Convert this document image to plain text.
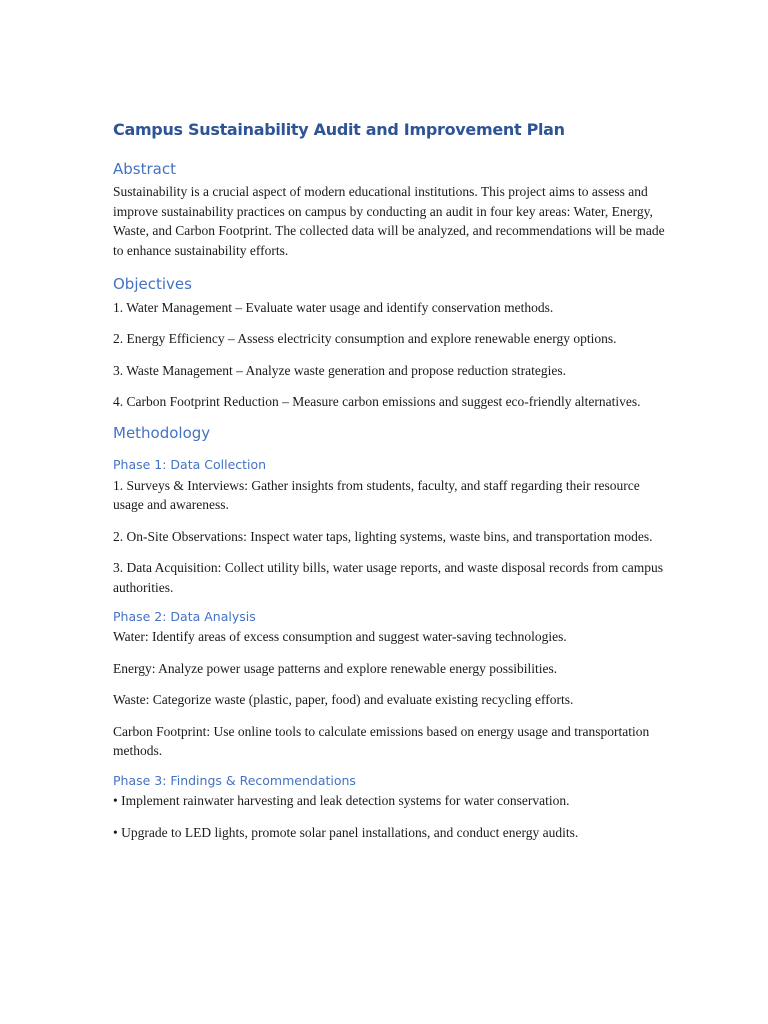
Campus Sustainability Audit and Improvement Plan
Abstract

Sustainability is a crucial aspect of modern educational institutions. This project aims to assess and improve sustainability practices on campus by conducting an audit in four key areas: Water, Energy, Waste, and Carbon Footprint. The collected data will be analyzed, and recommendations will be made to enhance sustainability efforts.

Objectives

1. Water Management – Evaluate water usage and identify conservation methods.

2. Energy Efficiency – Assess electricity consumption and explore renewable energy options.

3. Waste Management – Analyze waste generation and propose reduction strategies.

4. Carbon Footprint Reduction – Measure carbon emissions and suggest eco-friendly alternatives.

Methodology
Phase 1: Data Collection

1. Surveys & Interviews: Gather insights from students, faculty, and staff regarding their resource usage and awareness.

2. On-Site Observations: Inspect water taps, lighting systems, waste bins, and transportation modes.

3. Data Acquisition: Collect utility bills, water usage reports, and waste disposal records from campus authorities.

Phase 2: Data Analysis

Water: Identify areas of excess consumption and suggest water-saving technologies.

Energy: Analyze power usage patterns and explore renewable energy possibilities.

Waste: Categorize waste (plastic, paper, food) and evaluate existing recycling efforts.

Carbon Footprint: Use online tools to calculate emissions based on energy usage and transportation methods.

Phase 3: Findings & Recommendations

• Implement rainwater harvesting and leak detection systems for water conservation.

• Upgrade to LED lights, promote solar panel installations, and conduct energy audits.
